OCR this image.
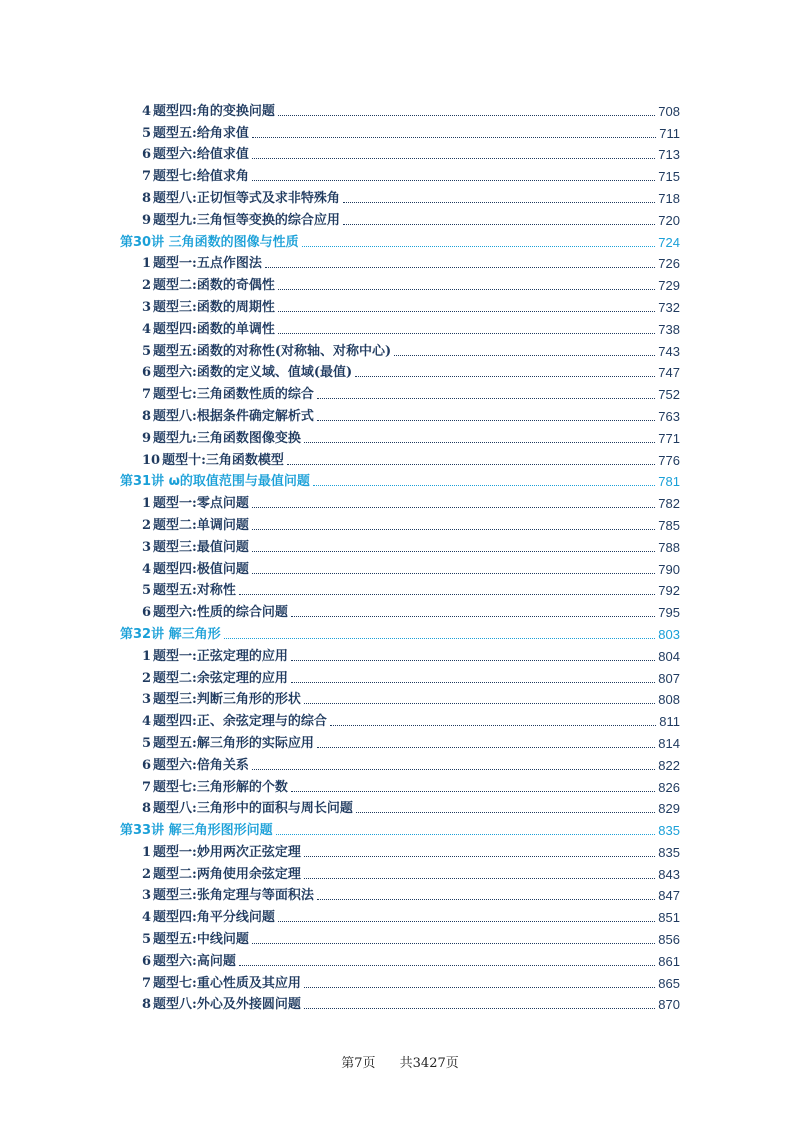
4 题型四:角的变换问题	708
5 题型五:给角求值	711
6 题型六:给值求值	713
7 题型七:给值求角	715
8 题型八:正切恒等式及求非特殊角	718
9 题型九:三角恒等变换的综合应用	720
第30讲 三角函数的图像与性质	724
1 题型一:五点作图法	726
2 题型二:函数的奇偶性	729
3 题型三:函数的周期性	732
4 题型四:函数的单调性	738
5 题型五:函数的对称性(对称轴、对称中心)	743
6 题型六:函数的定义域、值域(最值)	747
7 题型七:三角函数性质的综合	752
8 题型八:根据条件确定解析式	763
9 题型九:三角函数图像变换	771
10 题型十:三角函数模型	776
第31讲 ω的取值范围与最值问题	781
1 题型一:零点问题	782
2 题型二:单调问题	785
3 题型三:最值问题	788
4 题型四:极值问题	790
5 题型五:对称性	792
6 题型六:性质的综合问题	795
第32讲 解三角形	803
1 题型一:正弦定理的应用	804
2 题型二:余弦定理的应用	807
3 题型三:判断三角形的形状	808
4 题型四:正、余弦定理与的综合	811
5 题型五:解三角形的实际应用	814
6 题型六:倍角关系	822
7 题型七:三角形解的个数	826
8 题型八:三角形中的面积与周长问题	829
第33讲 解三角形图形问题	835
1 题型一:妙用两次正弦定理	835
2 题型二:两角使用余弦定理	843
3 题型三:张角定理与等面积法	847
4 题型四:角平分线问题	851
5 题型五:中线问题	856
6 题型六:高问题	861
7 题型七:重心性质及其应用	865
8 题型八:外心及外接圆问题	870
第7页 共3427页
